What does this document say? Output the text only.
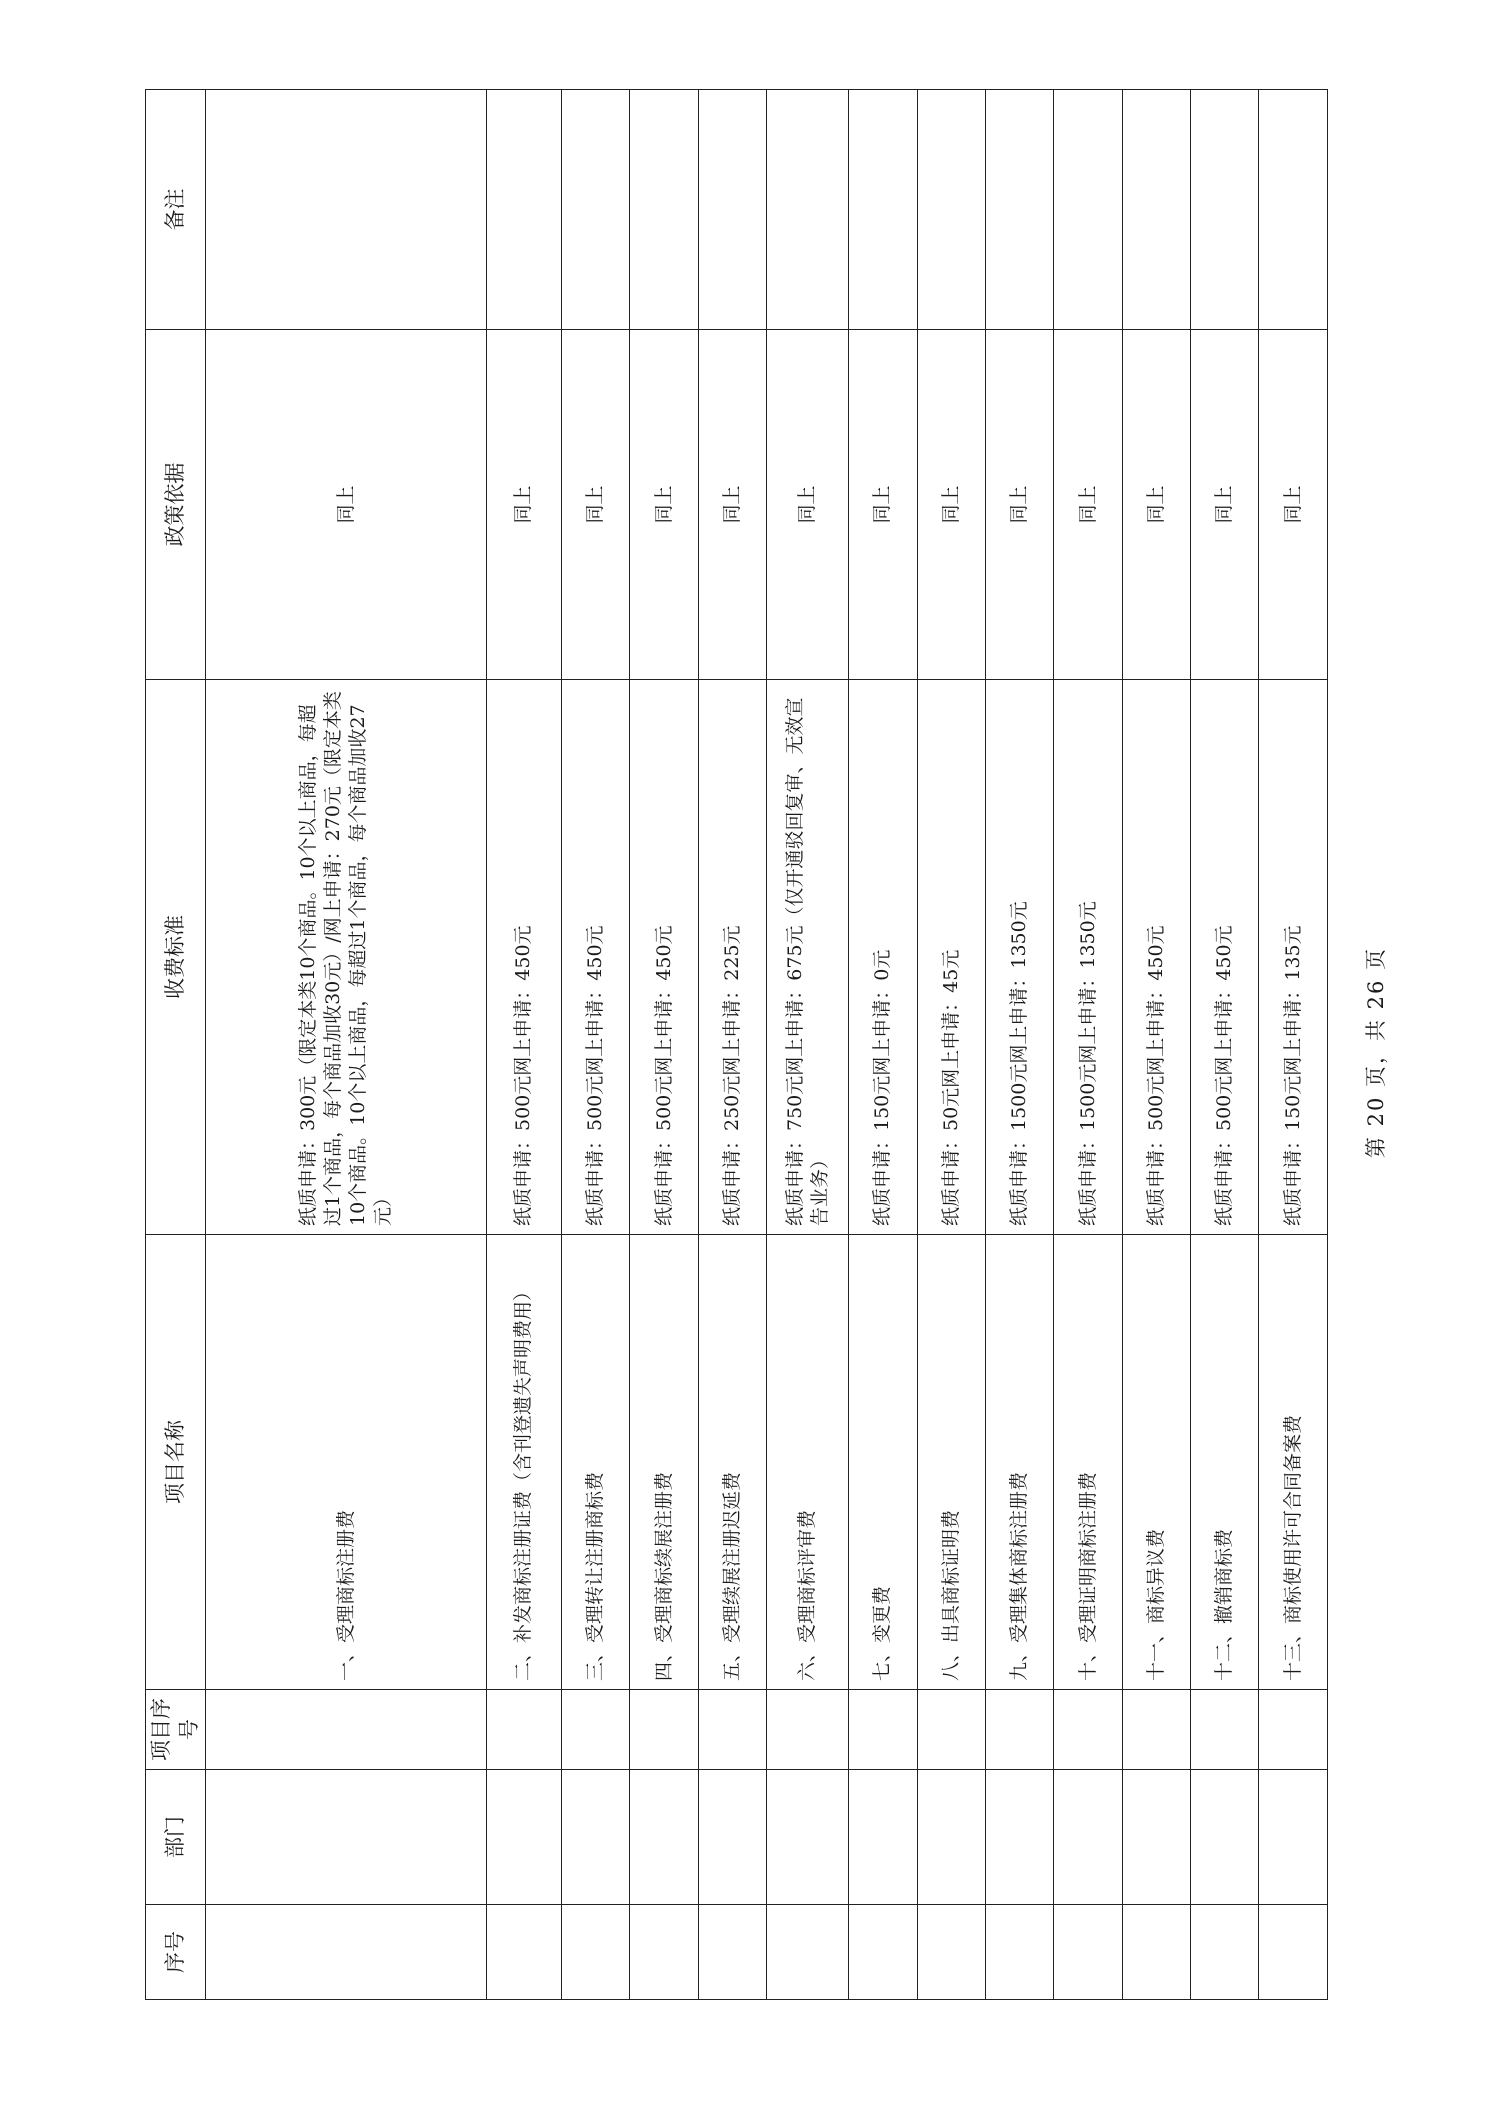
序号	部门	项目序号	项目名称	收费标准	政策依据	备注
			一、受理商标注册费	纸质申请：300元（限定本类10个商品。10个以上商品，每超过1个商品，每个商品加收30元）/网上申请：270元（限定本类10个商品。10个以上商品，每超过1个商品，每个商品加收27元）	同上	
			二、补发商标注册证费（含刊登遗失声明费用）	纸质申请：500元网上申请：450元	同上	
			三、受理转让注册商标费	纸质申请：500元网上申请：450元	同上	
			四、受理商标续展注册费	纸质申请：500元网上申请：450元	同上	
			五、受理续展注册迟延费	纸质申请：250元网上申请：225元	同上	
			六、受理商标评审费	纸质申请：750元网上申请：675元（仅开通驳回复审、无效宣告业务）	同上	
			七、变更费	纸质申请：150元网上申请：0元	同上	
			八、出具商标证明费	纸质申请：50元网上申请：45元	同上	
			九、受理集体商标注册费	纸质申请：1500元网上申请：1350元	同上	
			十、受理证明商标注册费	纸质申请：1500元网上申请：1350元	同上	
			十一、商标异议费	纸质申请：500元网上申请：450元	同上	
			十二、撤销商标费	纸质申请：500元网上申请：450元	同上	
			十三、商标使用许可合同备案费	纸质申请：150元网上申请：135元	同上	
第 20 页，共 26 页
